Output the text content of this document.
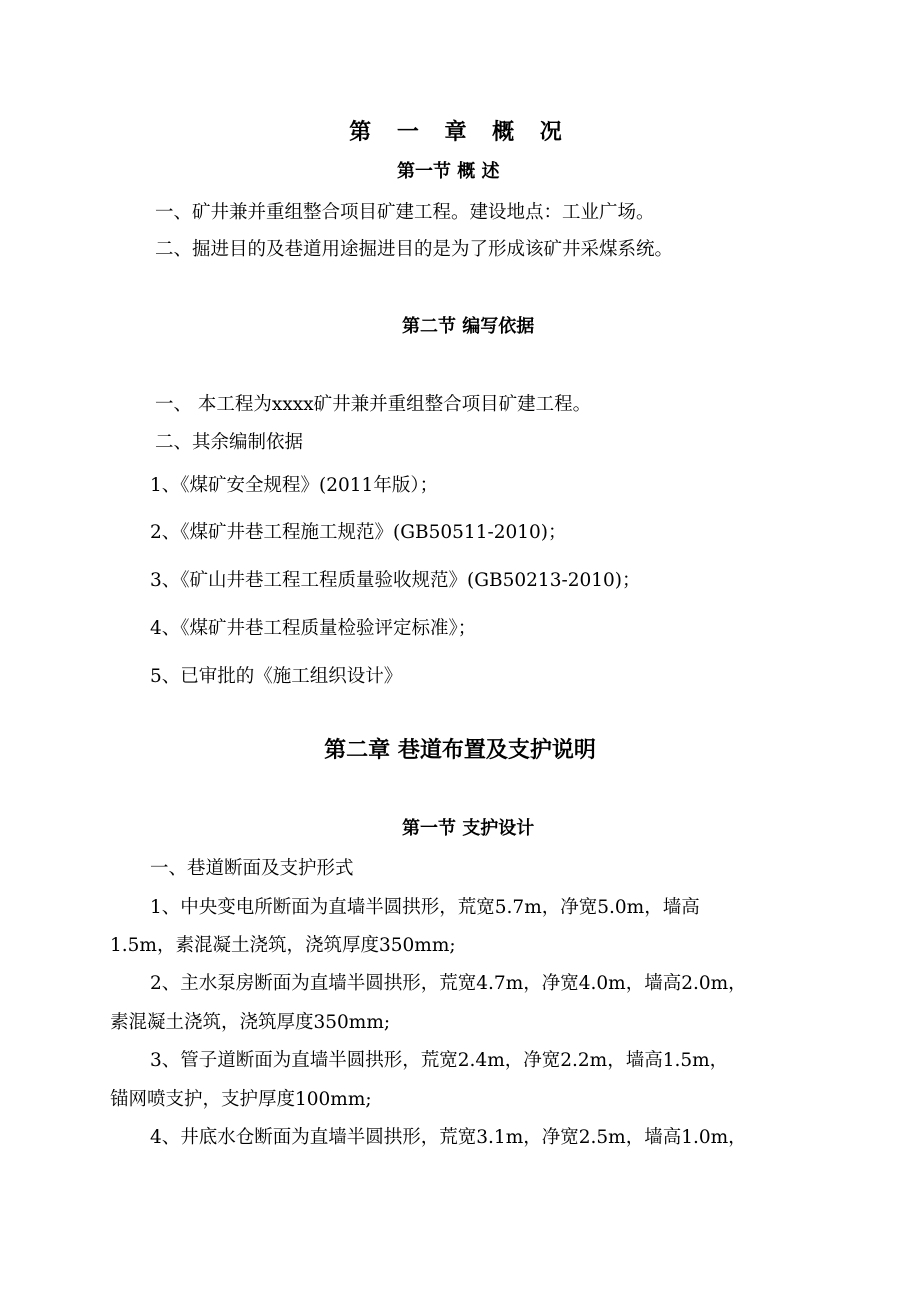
第 一 章 概 况
第一节 概 述
一、矿井兼并重组整合项目矿建工程。建设地点：工业广场。
二、掘进目的及巷道用途掘进目的是为了形成该矿井采煤系统。
第二节 编写依据
一、 本工程为xxxx矿井兼并重组整合项目矿建工程。
二、其余编制依据
1、《煤矿安全规程》(2011年版）；
2、《煤矿井巷工程施工规范》(GB50511-2010)；
3、《矿山井巷工程工程质量验收规范》(GB50213-2010)；
4、《煤矿井巷工程质量检验评定标准》；
5、已审批的《施工组织设计》
第二章 巷道布置及支护说明
第一节 支护设计
一、巷道断面及支护形式
1、中央变电所断面为直墙半圆拱形，荒宽5.7m，净宽5.0m，墙高
1.5m，素混凝土浇筑，浇筑厚度350mm;
2、主水泵房断面为直墙半圆拱形，荒宽4.7m，净宽4.0m，墙高2.0m，
素混凝土浇筑，浇筑厚度350mm;
3、管子道断面为直墙半圆拱形，荒宽2.4m，净宽2.2m，墙高1.5m，
锚网喷支护，支护厚度100mm;
4、井底水仓断面为直墙半圆拱形，荒宽3.1m，净宽2.5m，墙高1.0m，
